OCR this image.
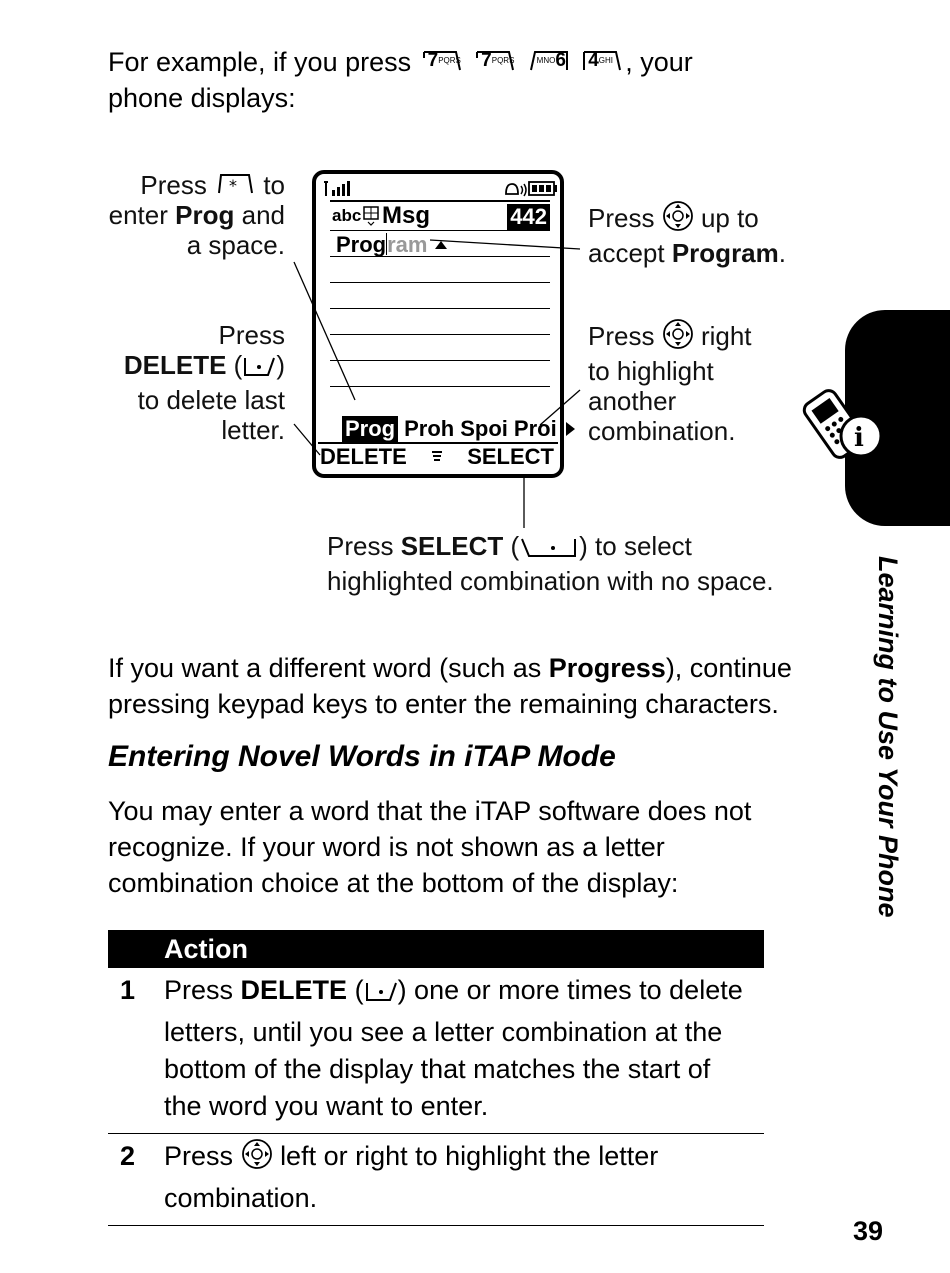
For example, if you press $7^{PQRS}$
$7^{PQRS}$
	$^{MNO}$6
$4^{GHI}$ , your
phone displays:
Press * to
enter Prog and
a space.
Press
DELETE ( )
to delete last
letter.
Press up to
accept Program.
Press right
to highlight
another
combination.
abc Msg	442
Program
Prog Proh Spoi Proi
DELETE	SELECT
Press SELECT ( ) to select
highlighted combination with no space.
If you want a different word (such as Progress), continue
pressing keypad keys to enter the remaining characters.
Entering Novel Words in iTAP Mode
You may enter a word that the iTAP software does not
recognize. If your word is not shown as a letter
combination choice at the bottom of the display:
Action
1	Press DELETE ( ) one or more times to delete letters, until you see a letter combination at the bottom of the display that matches the start of the word you want to enter.
2	Press left or right to highlight the letter combination.
i
Learning to Use Your Phone
39
